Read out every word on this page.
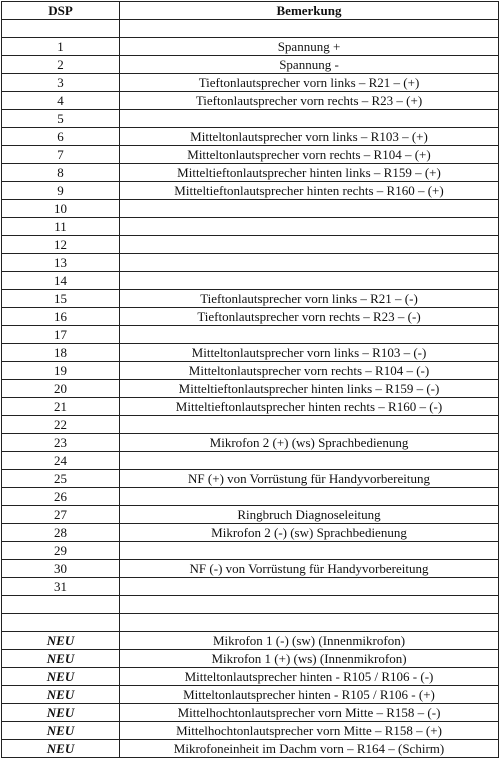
DSP	Bemerkung

1	Spannung +
2	Spannung -
3	Tieftonlautsprecher vorn links – R21 – (+)
4	Tieftonlautsprecher vorn rechts – R23 – (+)
5	
6	Mitteltonlautsprecher vorn links – R103 – (+)
7	Mitteltonlautsprecher vorn rechts – R104 – (+)
8	Mitteltieftonlautsprecher hinten links – R159 – (+)
9	Mitteltieftonlautsprecher hinten rechts – R160 – (+)
10	
11	
12	
13	
14	
15	Tieftonlautsprecher vorn links – R21 – (-)
16	Tieftonlautsprecher vorn rechts – R23 – (-)
17	
18	Mitteltonlautsprecher vorn links – R103 – (-)
19	Mitteltonlautsprecher vorn rechts – R104 – (-)
20	Mitteltieftonlautsprecher hinten links – R159 – (-)
21	Mitteltieftonlautsprecher hinten rechts – R160 – (-)
22	
23	Mikrofon 2 (+) (ws) Sprachbedienung
24	
25	NF (+) von Vorrüstung für Handyvorbereitung
26	
27	Ringbruch Diagnoseleitung
28	Mikrofon 2 (-) (sw) Sprachbedienung
29	
30	NF (-) von Vorrüstung für Handyvorbereitung
31	

NEU	Mikrofon 1 (-) (sw) (Innenmikrofon)
NEU	Mikrofon 1 (+) (ws) (Innenmikrofon)
NEU	Mitteltonlautsprecher hinten - R105 / R106 - (-)
NEU	Mitteltonlautsprecher hinten - R105 / R106 - (+)
NEU	Mittelhochtonlautsprecher vorn Mitte – R158 – (-)
NEU	Mittelhochtonlautsprecher vorn Mitte – R158 – (+)
NEU	Mikrofoneinheit im Dachm vorn – R164 – (Schirm)
